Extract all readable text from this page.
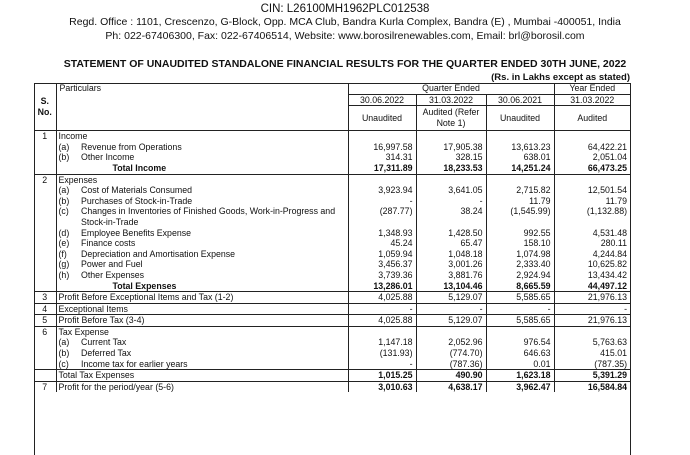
CIN: L26100MH1962PLC012538
Regd. Office : 1101, Crescenzo, G-Block, Opp. MCA Club, Bandra Kurla Complex, Bandra (E) , Mumbai -400051, India
Ph: 022-67406300, Fax: 022-67406514, Website: www.borosilrenewables.com, Email: brl@borosil.com
STATEMENT OF UNAUDITED STANDALONE FINANCIAL RESULTS FOR THE QUARTER ENDED 30TH JUNE, 2022
(Rs. in Lakhs except as stated)
S. No.	Particulars		Quarter Ended			Year Ended
			30.06.2022	31.03.2022	30.06.2021	31.03.2022
			Unaudited	Audited (Refer Note 1)	Unaudited	Audited
1	Income					
	(a)	Revenue from Operations	16,997.58	17,905.38	13,613.23	64,422.21
	(b)	Other Income	314.31	328.15	638.01	2,051.04
	Total Income		17,311.89	18,233.53	14,251.24	66,473.25
2	Expenses					
	(a)	Cost of Materials Consumed	3,923.94	3,641.05	2,715.82	12,501.54
	(b)	Purchases of Stock-in-Trade	-	-	11.79	11.79
	(c)	Changes in Inventories of Finished Goods, Work-in-Progress and Stock-in-Trade	(287.77)	38.24	(1,545.99)	(1,132.88)
	(d)	Employee Benefits Expense	1,348.93	1,428.50	992.55	4,531.48
	(e)	Finance costs	45.24	65.47	158.10	280.11
	(f)	Depreciation and Amortisation Expense	1,059.94	1,048.18	1,074.98	4,244.84
	(g)	Power and Fuel	3,456.37	3,001.26	2,333.40	10,625.82
	(h)	Other Expenses	3,739.36	3,881.76	2,924.94	13,434.42
	Total Expenses		13,286.01	13,104.46	8,665.59	44,497.12
3	Profit Before Exceptional Items and Tax (1-2)		4,025.88	5,129.07	5,585.65	21,976.13
4	Exceptional Items		-	-	-	-
5	Profit Before Tax (3-4)		4,025.88	5,129.07	5,585.65	21,976.13
6	Tax Expense					
	(a)	Current Tax	1,147.18	2,052.96	976.54	5,763.63
	(b)	Deferred Tax	(131.93)	(774.70)	646.63	415.01
	(c)	Income tax for earlier years	-	(787.36)	0.01	(787.35)
	Total Tax Expenses		1,015.25	490.90	1,623.18	5,391.29
7	Profit for the period/year (5-6)		3,010.63	4,638.17	3,962.47	16,584.84
